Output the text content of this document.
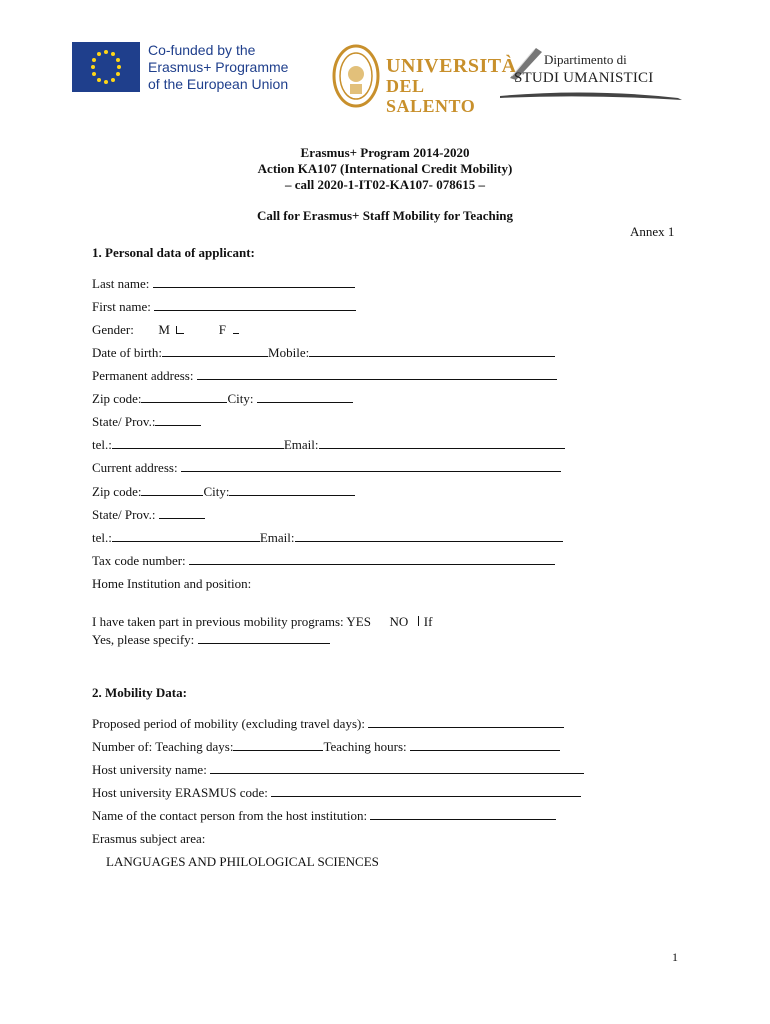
Co-funded by the
Erasmus+ Programme
of the European Union
UNIVERSITÀ
DEL SALENTO
Dipartimento di
STUDI UMANISTICI
Erasmus+ Program 2014-2020
Action KA107 (International Credit Mobility)
– call 2020-1-IT02-KA107- 078615 –
Call for Erasmus+ Staff Mobility for Teaching
Annex 1
1. Personal data of applicant:
Last name:
First name:
Gender: M	F
Date of birth:	Mobile:
Permanent address:
Zip code:	City:
State/ Prov.:
tel.:	Email:
Current address:
Zip code:	City:
State/ Prov.:
tel.:	Email:
Tax code number:
Home Institution and position:
I have taken part in previous mobility programs: YES NO If
Yes, please specify:
2. Mobility Data:
Proposed period of mobility (excluding travel days):
Number of: Teaching days:	Teaching hours:
Host university name:
Host university ERASMUS code:
Name of the contact person from the host institution:
Erasmus subject area:
LANGUAGES AND PHILOLOGICAL SCIENCES
1
